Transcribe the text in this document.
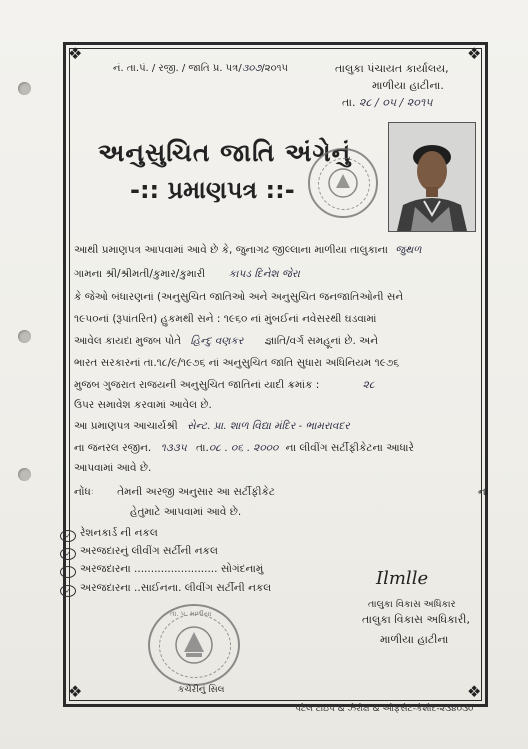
❖	❖
❖	❖
નં. તા.પં. / રજી. / જાતિ પ્ર. પત્ર/૩૦૭/૨૦૧૫	તાલુકા પંચાયત કાર્યાલય,
માળીયા હાટીના.
તા. ૨૮ / ૦૫ / ૨૦૧૫
અનુસુચિત જાતિ અંગેનું
-:: પ્રમાણપત્ર ::-
આથી પ્રમાણપત્ર આપવામાં આવે છે કે, જુનાગઢ જીલ્લાના માળીયા તાલુકાના જુથળ
ગામના શ્રી/શ્રીમતી/કુમાર/કુમારી કાપડ દિનેશ જેરા
કે જેઓ બંધારણનાં (અનુસુચિત જાતિઓ અને અનુસુચિત જનજાતિઓની સને
૧૯૫૦નાં (રૂપાંતરિત) હુકમથી સને : ૧૯૬૦ નાં મુંબઈનાં નવેસરથી ઘડવામાં
આવેલ કાયદા મુજબ પોતે હિન્દુ વણકર જ્ઞાતિ/વર્ગ સમહૂનાં છે. અને
ભારત સરકારનાં તા.૧૮/૯/૧૯૭૬ નાં અનુસુચિત જાતિ સુધારા અધિનિયમ ૧૯૭૬
મુજબ ગુજરાત રાજયની અનુસુચિત જાતિનાં યાદી ક્રમાંક :	૨૮
ઉપર સમાવેશ કરવામાં આવેલ છે.
આ પ્રમાણપત્ર આચાર્યશ્રી સેન્ટ. પ્રા. શાળ વિદ્યા મંદિર - ભામરાવદર
ના જનરલ રજીન. ૧૩૩૫ તા.૦૮ . ૦૬ . ૨૦૦૦ ના લીવીંગ સર્ટીફીકેટના આધારે
આપવામાં આવે છે.
નોંધઃ તેમની અરજી અનુસાર આ સર્ટીફીકેટ	ના
હેતુમાટે આપવામાં આવે છે.
✓ રેશનકાર્ડ ની નકલ
✓ અરજદારનું લીવીંગ સર્ટીની નકલ
અરજદારના ......................... સોગંદનામું
✓ અરજદારના ..સાઈનના. લીવીંગ સર્ટીની નકલ	Ilmlle
તાલુકા વિકાસ અધિકાર
તાલુકા વિકાસ અધિકારી,
માળીયા હાટીના
તા. પ. માળીયા
કચેરીનું સિલ
પટેલ ટાઇપ & ઝેરોક્ષ & ઓફસેટ-કેશોદ-૨૩૪૦૩૦
